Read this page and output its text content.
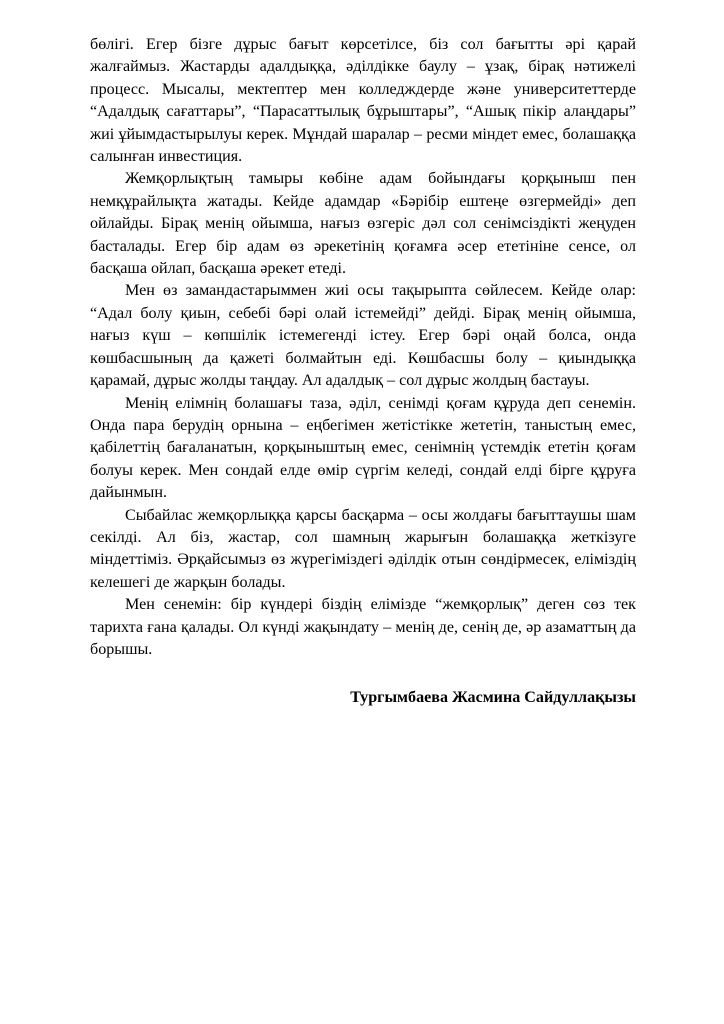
бөлігі. Егер бізге дұрыс бағыт көрсетілсе, біз сол бағытты әрі қарай жалғаймыз. Жастарды адалдыққа, әділдікке баулу – ұзақ, бірақ нәтижелі процесс. Мысалы, мектептер мен колледждерде және университеттерде “Адалдық сағаттары”, “Парасаттылық бұрыштары”, “Ашық пікір алаңдары” жиі ұйымдастырылуы керек. Мұндай шаралар – ресми міндет емес, болашаққа салынған инвестиция.

Жемқорлықтың тамыры көбіне адам бойындағы қорқыныш пен немқұрайлықта жатады. Кейде адамдар «Бәрібір ештеңе өзгермейді» деп ойлайды. Бірақ менің ойымша, нағыз өзгеріс дәл сол сенімсіздікті жеңуден басталады. Егер бір адам өз әрекетінің қоғамға әсер ететініне сенсе, ол басқаша ойлап, басқаша әрекет етеді.

Мен өз замандастарыммен жиі осы тақырыпта сөйлесем. Кейде олар: “Адал болу қиын, себебі бәрі олай істемейді” дейді. Бірақ менің ойымша, нағыз күш – көпшілік істемегенді істеу. Егер бәрі оңай болса, онда көшбасшының да қажеті болмайтын еді. Көшбасшы болу – қиындыққа қарамай, дұрыс жолды таңдау. Ал адалдық – сол дұрыс жолдың бастауы.

Менің елімнің болашағы таза, әділ, сенімді қоғам құруда деп сенемін. Онда пара берудің орнына – еңбегімен жетістікке жететін, таныстың емес, қабілеттің бағаланатын, қорқыныштың емес, сенімнің үстемдік ететін қоғам болуы керек. Мен сондай елде өмір сүргім келеді, сондай елді бірге құруға дайынмын.

Сыбайлас жемқорлыққа қарсы басқарма – осы жолдағы бағыттаушы шам секілді. Ал біз, жастар, сол шамның жарығын болашаққа жеткізуге міндеттіміз. Әрқайсымыз өз жүрегіміздегі әділдік отын сөндірмесек, еліміздің келешегі де жарқын болады.

Мен сенемін: бір күндері біздің елімізде “жемқорлық” деген сөз тек тарихта ғана қалады. Ол күнді жақындату – менің де, сенің де, әр азаматтың да борышы.

Тургымбаева Жасмина Сайдуллақызы
